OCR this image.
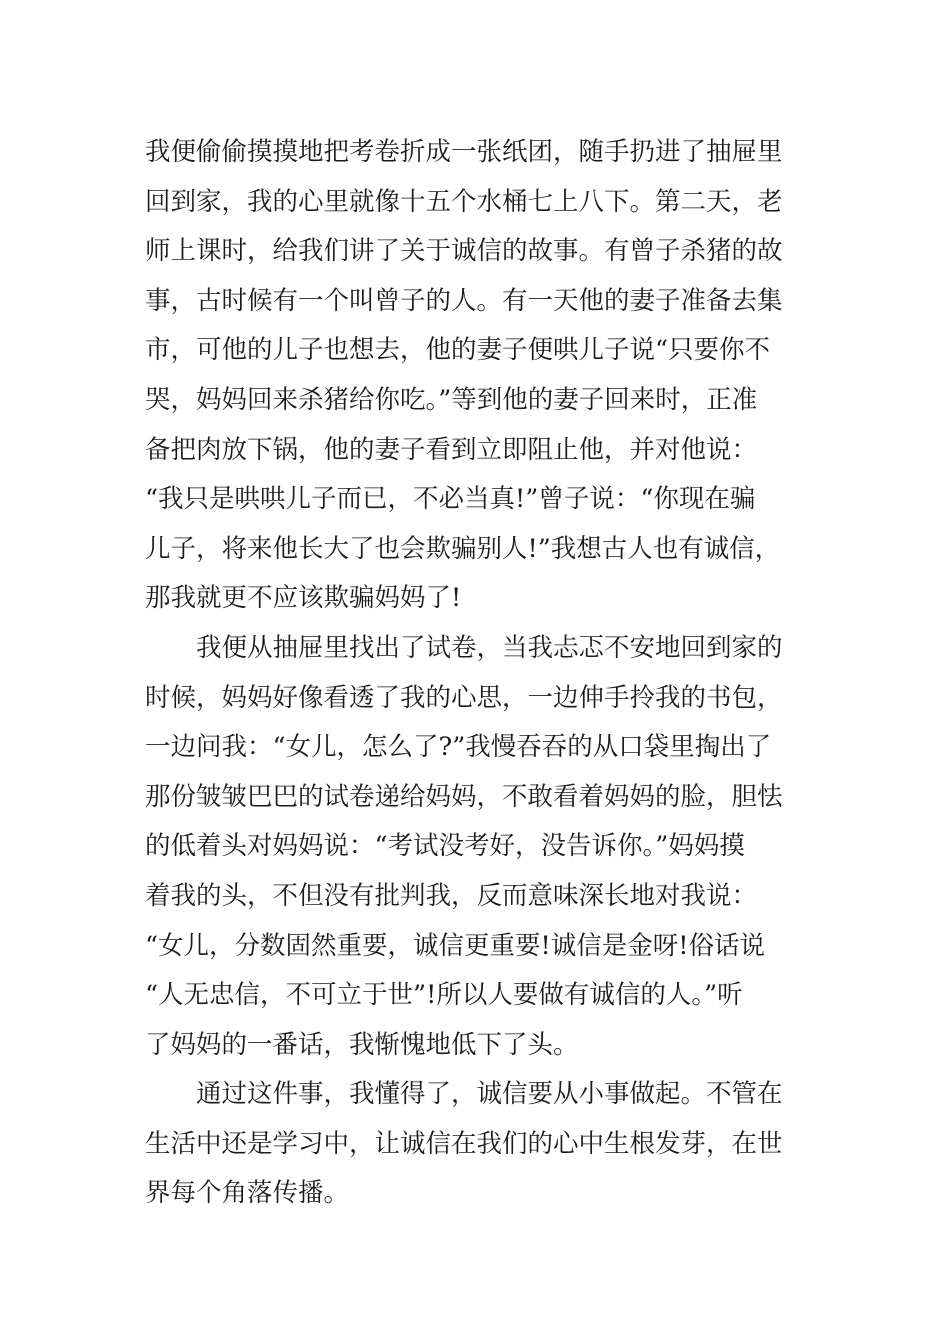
我便偷偷摸摸地把考卷折成一张纸团，随手扔进了抽屉里
回到家，我的心里就像十五个水桶七上八下。第二天，老
师上课时，给我们讲了关于诚信的故事。有曾子杀猪的故
事，古时候有一个叫曾子的人。有一天他的妻子准备去集
市，可他的儿子也想去，他的妻子便哄儿子说“只要你不
哭，妈妈回来杀猪给你吃。”等到他的妻子回来时，正准
备把肉放下锅，他的妻子看到立即阻止他，并对他说：
“我只是哄哄儿子而已，不必当真!”曾子说：“你现在骗
儿子，将来他长大了也会欺骗别人!”我想古人也有诚信，
那我就更不应该欺骗妈妈了!
我便从抽屉里找出了试卷，当我忐忑不安地回到家的
时候，妈妈好像看透了我的心思，一边伸手拎我的书包，
一边问我：“女儿，怎么了?”我慢吞吞的从口袋里掏出了
那份皱皱巴巴的试卷递给妈妈，不敢看着妈妈的脸，胆怯
的低着头对妈妈说：“考试没考好，没告诉你。”妈妈摸
着我的头，不但没有批判我，反而意味深长地对我说：
“女儿，分数固然重要，诚信更重要!诚信是金呀!俗话说
“人无忠信，不可立于世”!所以人要做有诚信的人。”听
了妈妈的一番话，我惭愧地低下了头。
通过这件事，我懂得了，诚信要从小事做起。不管在
生活中还是学习中，让诚信在我们的心中生根发芽，在世
界每个角落传播。
